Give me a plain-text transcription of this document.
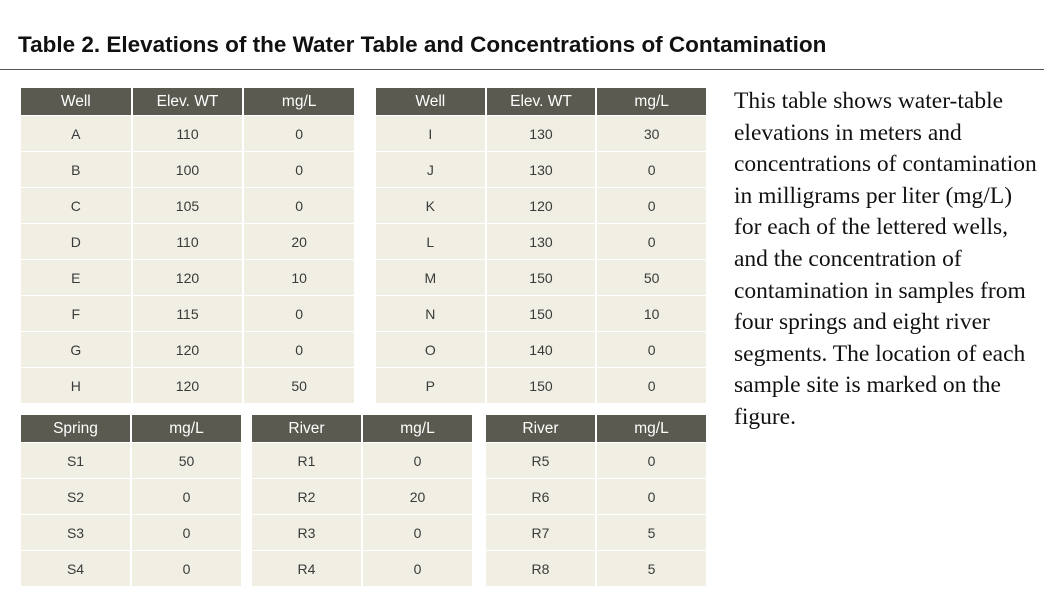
Table 2. Elevations of the Water Table and Concentrations of Contamination
Well	Elev. WT	mg/L
A	110	0
B	100	0
C	105	0
D	110	20
E	120	10
F	115	0
G	120	0
H	120	50
Well	Elev. WT	mg/L
I	130	30
J	130	0
K	120	0
L	130	0
M	150	50
N	150	10
O	140	0
P	150	0
Spring	mg/L
S1	50
S2	0
S3	0
S4	0
River	mg/L
R1	0
R2	20
R3	0
R4	0
River	mg/L
R5	0
R6	0
R7	5
R8	5
This table shows water-table elevations in meters and concentrations of contamination in milligrams per liter (mg/L) for each of the lettered wells, and the concentration of contamination in samples from four springs and eight river segments. The location of each sample site is marked on the figure.
